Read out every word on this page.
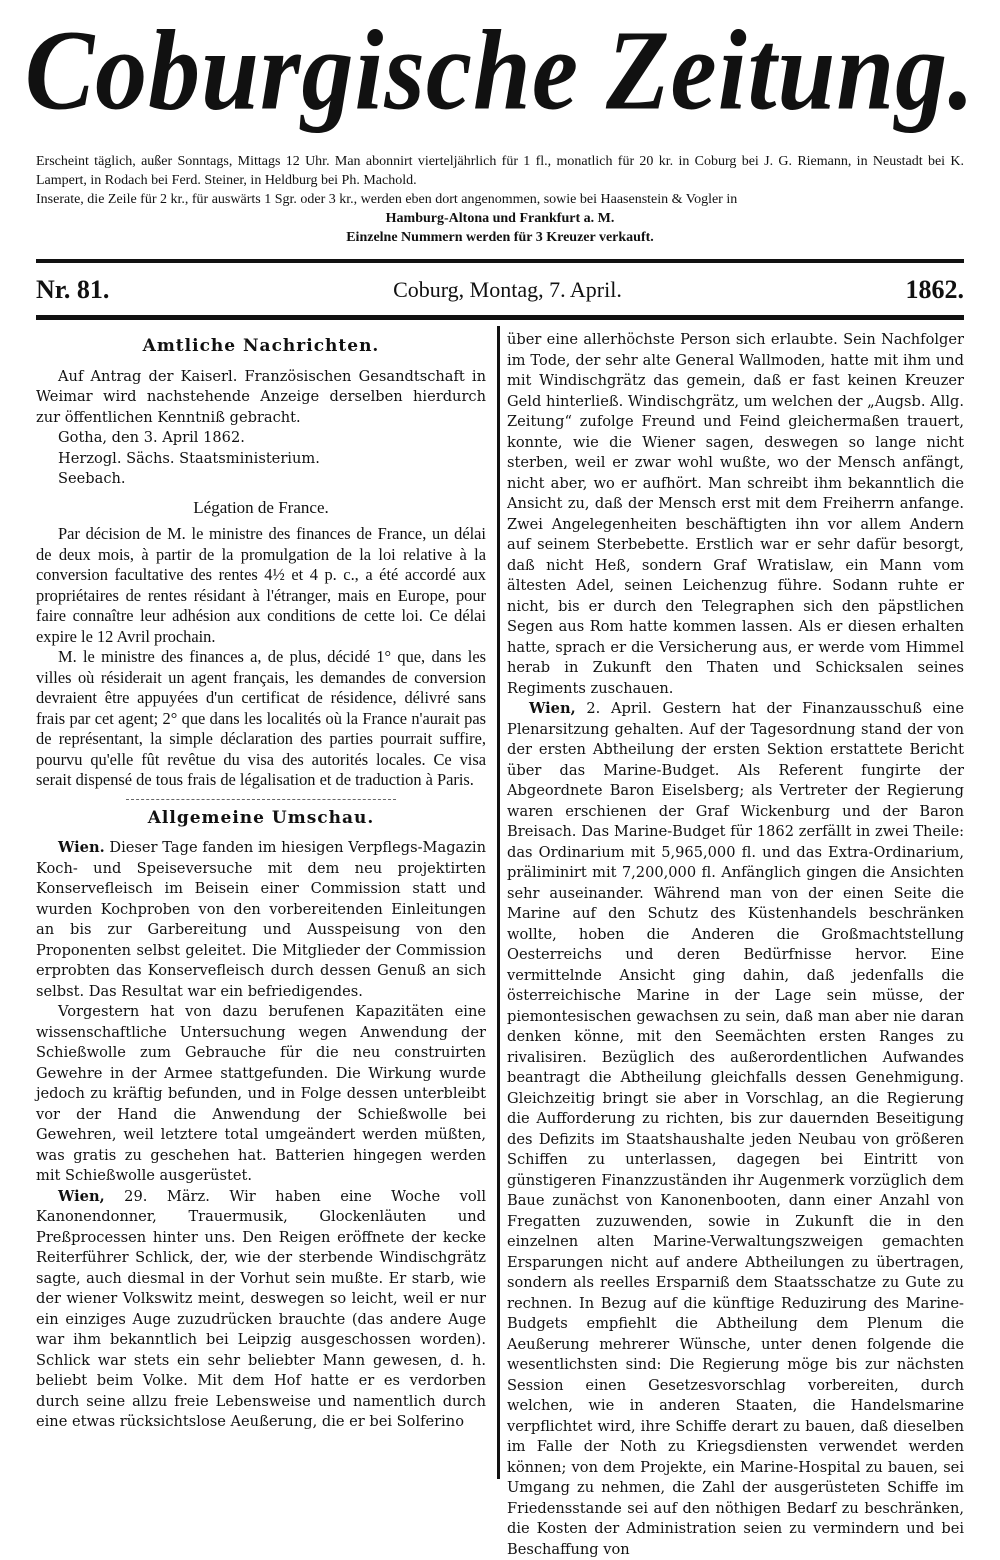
Coburgische Zeitung.

Erscheint täglich, außer Sonntags, Mittags 12 Uhr. Man abonnirt vierteljährlich für 1 fl., monatlich für 20 kr. in Coburg bei J. G. Riemann, in Neustadt bei K. Lampert, in Rodach bei Ferd. Steiner, in Heldburg bei Ph. Machold.

Inserate, die Zeile für 2 kr., für auswärts 1 Sgr. oder 3 kr., werden eben dort angenommen, sowie bei Haasenstein & Vogler in

Hamburg-Altona und Frankfurt a. M.

Einzelne Nummern werden für 3 Kreuzer verkauft.

Nr. 81.	Coburg, Montag, 7. April.	1862.
Amtliche Nachrichten.

Auf Antrag der Kaiserl. Französischen Gesandtschaft in Weimar wird nachstehende Anzeige derselben hierdurch zur öffentlichen Kenntniß gebracht.

Gotha, den 3. April 1862.

Herzogl. Sächs. Staatsministerium.

Seebach.

Légation de France.

Par décision de M. le ministre des finances de France, un délai de deux mois, à partir de la promulgation de la loi relative à la conversion facultative des rentes 4½ et 4 p. c., a été accordé aux propriétaires de rentes résidant à l'étranger, mais en Europe, pour faire connaître leur adhésion aux conditions de cette loi. Ce délai expire le 12 Avril prochain.

M. le ministre des finances a, de plus, décidé 1° que, dans les villes où résiderait un agent français, les demandes de conversion devraient être appuyées d'un certificat de résidence, délivré sans frais par cet agent; 2° que dans les localités où la France n'aurait pas de représentant, la simple déclaration des parties pourrait suffire, pourvu qu'elle fût revêtue du visa des autorités locales. Ce visa serait dispensé de tous frais de légalisation et de traduction à Paris.

Allgemeine Umschau.

Wien. Dieser Tage fanden im hiesigen Verpflegs-Magazin Koch- und Speiseversuche mit dem neu projektirten Konservefleisch im Beisein einer Commission statt und wurden Kochproben von den vorbereitenden Einleitungen an bis zur Garbereitung und Ausspeisung von den Proponenten selbst geleitet. Die Mitglieder der Commission erprobten das Konservefleisch durch dessen Genuß an sich selbst. Das Resultat war ein befriedigendes.

Vorgestern hat von dazu berufenen Kapazitäten eine wissenschaftliche Untersuchung wegen Anwendung der Schießwolle zum Gebrauche für die neu construirten Gewehre in der Armee stattgefunden. Die Wirkung wurde jedoch zu kräftig befunden, und in Folge dessen unterbleibt vor der Hand die Anwendung der Schießwolle bei Gewehren, weil letztere total umgeändert werden müßten, was gratis zu geschehen hat. Batterien hingegen werden mit Schießwolle ausgerüstet.

Wien, 29. März. Wir haben eine Woche voll Kanonendonner, Trauermusik, Glockenläuten und Preßprocessen hinter uns. Den Reigen eröffnete der kecke Reiterführer Schlick, der, wie der sterbende Windischgrätz sagte, auch diesmal in der Vorhut sein mußte. Er starb, wie der wiener Volkswitz meint, deswegen so leicht, weil er nur ein einziges Auge zuzudrücken brauchte (das andere Auge war ihm bekanntlich bei Leipzig ausgeschossen worden). Schlick war stets ein sehr beliebter Mann gewesen, d. h. beliebt beim Volke. Mit dem Hof hatte er es verdorben durch seine allzu freie Lebensweise und namentlich durch eine etwas rücksichtslose Aeußerung, die er bei Solferino

über eine allerhöchste Person sich erlaubte. Sein Nachfolger im Tode, der sehr alte General Wallmoden, hatte mit ihm und mit Windischgrätz das gemein, daß er fast keinen Kreuzer Geld hinterließ. Windischgrätz, um welchen der „Augsb. Allg. Zeitung“ zufolge Freund und Feind gleichermaßen trauert, konnte, wie die Wiener sagen, deswegen so lange nicht sterben, weil er zwar wohl wußte, wo der Mensch anfängt, nicht aber, wo er aufhört. Man schreibt ihm bekanntlich die Ansicht zu, daß der Mensch erst mit dem Freiherrn anfange. Zwei Angelegenheiten beschäftigten ihn vor allem Andern auf seinem Sterbebette. Erstlich war er sehr dafür besorgt, daß nicht Heß, sondern Graf Wratislaw, ein Mann vom ältesten Adel, seinen Leichenzug führe. Sodann ruhte er nicht, bis er durch den Telegraphen sich den päpstlichen Segen aus Rom hatte kommen lassen. Als er diesen erhalten hatte, sprach er die Versicherung aus, er werde vom Himmel herab in Zukunft den Thaten und Schicksalen seines Regiments zuschauen.

Wien, 2. April. Gestern hat der Finanzausschuß eine Plenarsitzung gehalten. Auf der Tagesordnung stand der von der ersten Abtheilung der ersten Sektion erstattete Bericht über das Marine-Budget. Als Referent fungirte der Abgeordnete Baron Eiselsberg; als Vertreter der Regierung waren erschienen der Graf Wickenburg und der Baron Breisach. Das Marine-Budget für 1862 zerfällt in zwei Theile: das Ordinarium mit 5,965,000 fl. und das Extra-Ordinarium, präliminirt mit 7,200,000 fl. Anfänglich gingen die Ansichten sehr auseinander. Während man von der einen Seite die Marine auf den Schutz des Küstenhandels beschränken wollte, hoben die Anderen die Großmachtstellung Oesterreichs und deren Bedürfnisse hervor. Eine vermittelnde Ansicht ging dahin, daß jedenfalls die österreichische Marine in der Lage sein müsse, der piemontesischen gewachsen zu sein, daß man aber nie daran denken könne, mit den Seemächten ersten Ranges zu rivalisiren. Bezüglich des außerordentlichen Aufwandes beantragt die Abtheilung gleichfalls dessen Genehmigung. Gleichzeitig bringt sie aber in Vorschlag, an die Regierung die Aufforderung zu richten, bis zur dauernden Beseitigung des Defizits im Staatshaushalte jeden Neubau von größeren Schiffen zu unterlassen, dagegen bei Eintritt von günstigeren Finanzzuständen ihr Augenmerk vorzüglich dem Baue zunächst von Kanonenbooten, dann einer Anzahl von Fregatten zuzuwenden, sowie in Zukunft die in den einzelnen alten Marine-Verwaltungszweigen gemachten Ersparungen nicht auf andere Abtheilungen zu übertragen, sondern als reelles Ersparniß dem Staatsschatze zu Gute zu rechnen. In Bezug auf die künftige Reduzirung des Marine-Budgets empfiehlt die Abtheilung dem Plenum die Aeußerung mehrerer Wünsche, unter denen folgende die wesentlichsten sind: Die Regierung möge bis zur nächsten Session einen Gesetzesvorschlag vorbereiten, durch welchen, wie in anderen Staaten, die Handelsmarine verpflichtet wird, ihre Schiffe derart zu bauen, daß dieselben im Falle der Noth zu Kriegsdiensten verwendet werden können; von dem Projekte, ein Marine-Hospital zu bauen, sei Umgang zu nehmen, die Zahl der ausgerüsteten Schiffe im Friedensstande sei auf den nöthigen Bedarf zu beschränken, die Kosten der Administration seien zu vermindern und bei Beschaffung von
